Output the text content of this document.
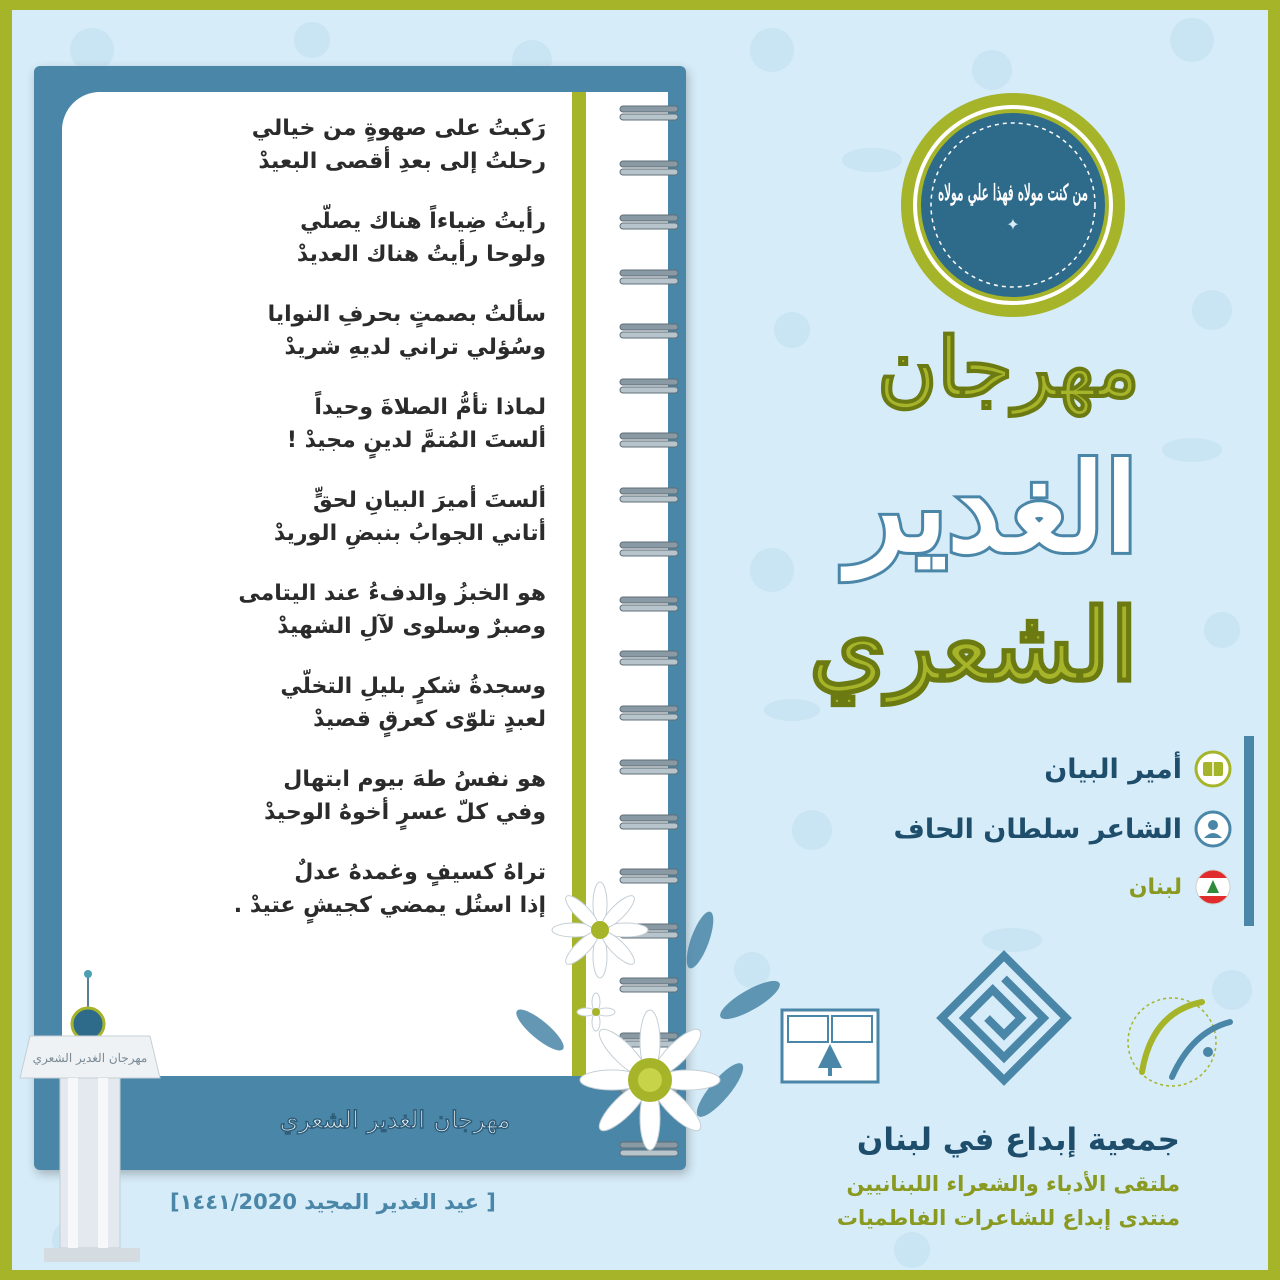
رَكبتُ على صهوةٍ من خيالي
رحلتُ إلى بعدِ أقصى البعيدْ
رأيتُ ضِياءاً هناك يصلّي
ولوحا رأيتُ هناك العديدْ
سألتُ بصمتٍ بحرفِ النوايا
وسُؤلي تراني لديهِ شريدْ
لماذا تأمُّ الصلاةَ وحيداً
ألستَ المُتمَّ لدينٍ مجيدْ !
ألستَ أميرَ البيانِ لحقٍّ
أتاني الجوابُ بنبضِ الوريدْ
هو الخبزُ والدفءُ عند اليتامى
وصبرٌ وسلوى لآلِ الشهيدْ
وسجدةُ شكرٍ بليلِ التخلّي
لعبدٍ تلوّى كعرقٍ قصيدْ
هو نفسُ طهَ بيوم ابتهال
وفي كلّ عسرٍ أخوهُ الوحيدْ
تراهُ كسيفٍ وغمدهُ عدلٌ
إذا استُل يمضي كجيشٍ عتيدْ .
مهرجان الغدير الشعري
مهرجان الغدير الشعري
من كنت مولاه فهذا علي مولاه
✦
مهرجان
الغدير
الشعري
أمير البيان
الشاعر سلطان الحاف
لبنان
جمعية إبداع في لبنان
ملتقى الأدباء والشعراء اللبنانيين
منتدى إبداع للشاعرات الفاطميات
[عيد الغدير المجيد ١٤٤١/2020 ]
